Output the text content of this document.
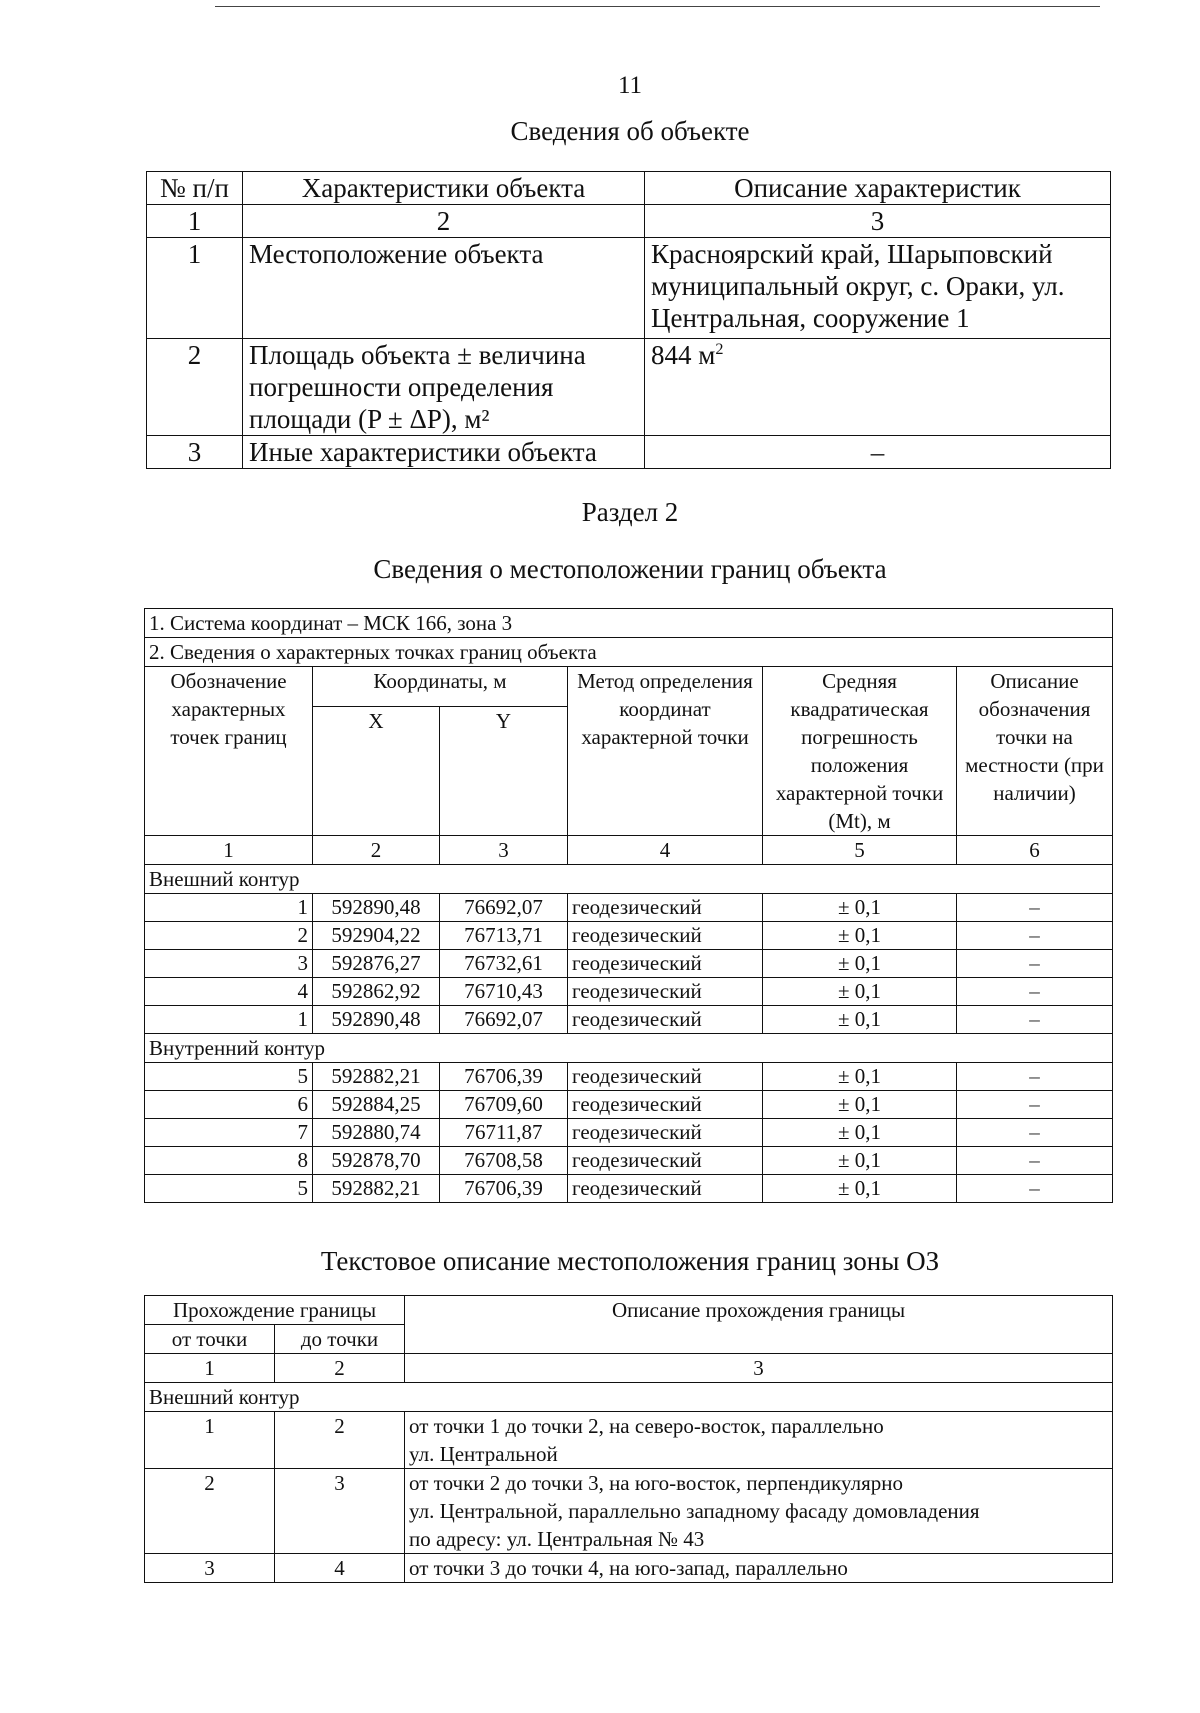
11
Сведения об объекте
№ п/п	Характеристики объекта	Описание характеристик
1	2	3
1	Местоположение объекта	Красноярский край, Шарыповский муниципальный округ, с. Ораки, ул. Центральная, сооружение 1
2	Площадь объекта ± величина погрешности определения площади (P ± ΔP), м²	844 $м^2$
3	Иные характеристики объекта	–
Раздел 2
Сведения о местоположении границ объекта
1. Система координат – МСК 166, зона 3					
2. Сведения о характерных точках границ объекта					
Обозначение характерных точек границ	Координаты, м		Метод определения координат характерной точки	Средняя квадратическая погрешность положения характерной точки (Mt), м	Описание обозначения точки на местности (при наличии)
	X	Y			
1	2	3	4	5	6
Внешний контур					
1	592890,48	76692,07	геодезический	± 0,1	–
2	592904,22	76713,71	геодезический	± 0,1	–
3	592876,27	76732,61	геодезический	± 0,1	–
4	592862,92	76710,43	геодезический	± 0,1	–
1	592890,48	76692,07	геодезический	± 0,1	–
Внутренний контур					
5	592882,21	76706,39	геодезический	± 0,1	–
6	592884,25	76709,60	геодезический	± 0,1	–
7	592880,74	76711,87	геодезический	± 0,1	–
8	592878,70	76708,58	геодезический	± 0,1	–
5	592882,21	76706,39	геодезический	± 0,1	–
Текстовое описание местоположения границ зоны ОЗ
Прохождение границы		Описание прохождения границы
от точки	до точки	
1	2	3
Внешний контур		
1	2	от точки 1 до точки 2, на северо-восток, параллельно
ул. Центральной

2	3	от точки 2 до точки 3, на юго-восток, перпендикулярно
ул. Центральной, параллельно западному фасаду домовладения
по адресу: ул. Центральная № 43

3	4	от точки 3 до точки 4, на юго-запад, параллельно
